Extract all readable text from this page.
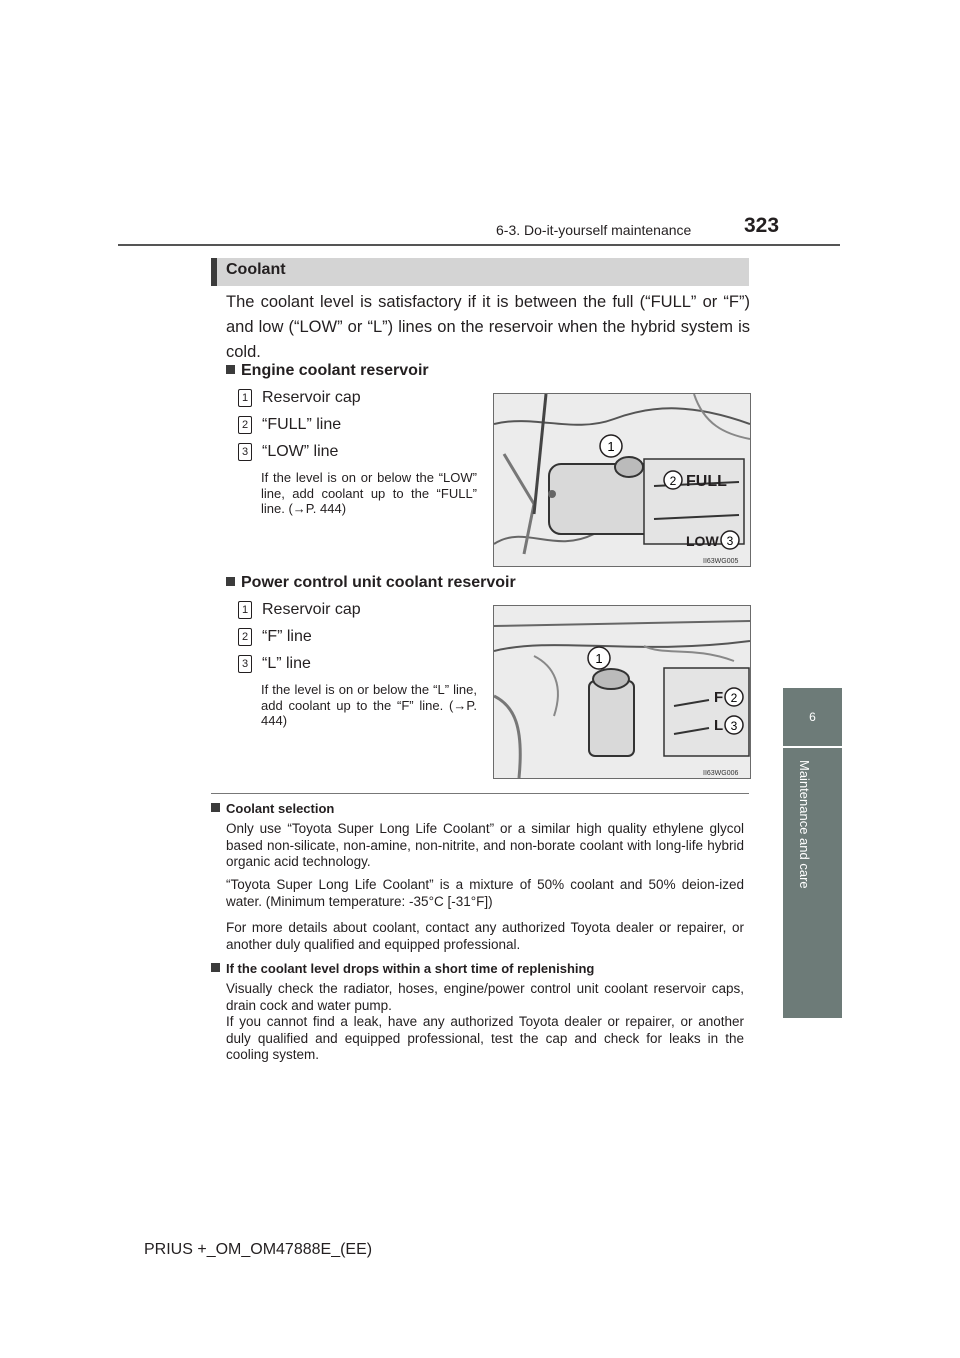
6-3. Do-it-yourself maintenance	323
6
Maintenance and care
Coolant
The coolant level is satisfactory if it is between the full (“FULL” or “F”) and low (“LOW” or “L”) lines on the reservoir when the hybrid system is cold.
Engine coolant reservoir
1 Reservoir cap
2 “FULL” line
3 “LOW” line
If the level is on or below the “LOW” line, add coolant up to the “FULL” line. (→P. 444)
1
2 FULL
LOW 3
II63WG005
Power control unit coolant reservoir
1 Reservoir cap
2 “F” line
3 “L” line
If the level is on or below the “L” line, add coolant up to the “F” line. (→P. 444)
1
F 2
L 3
II63WG006
Coolant selection
Only use “Toyota Super Long Life Coolant” or a similar high quality ethylene glycol based non-silicate, non-amine, non-nitrite, and non-borate coolant with long-life hybrid organic acid technology.
“Toyota Super Long Life Coolant” is a mixture of 50% coolant and 50% deion-ized water. (Minimum temperature: -35°C [-31°F])
For more details about coolant, contact any authorized Toyota dealer or repairer, or another duly qualified and equipped professional.
If the coolant level drops within a short time of replenishing
Visually check the radiator, hoses, engine/power control unit coolant reservoir caps, drain cock and water pump.
If you cannot find a leak, have any authorized Toyota dealer or repairer, or another duly qualified and equipped professional, test the cap and check for leaks in the cooling system.
PRIUS +_OM_OM47888E_(EE)
